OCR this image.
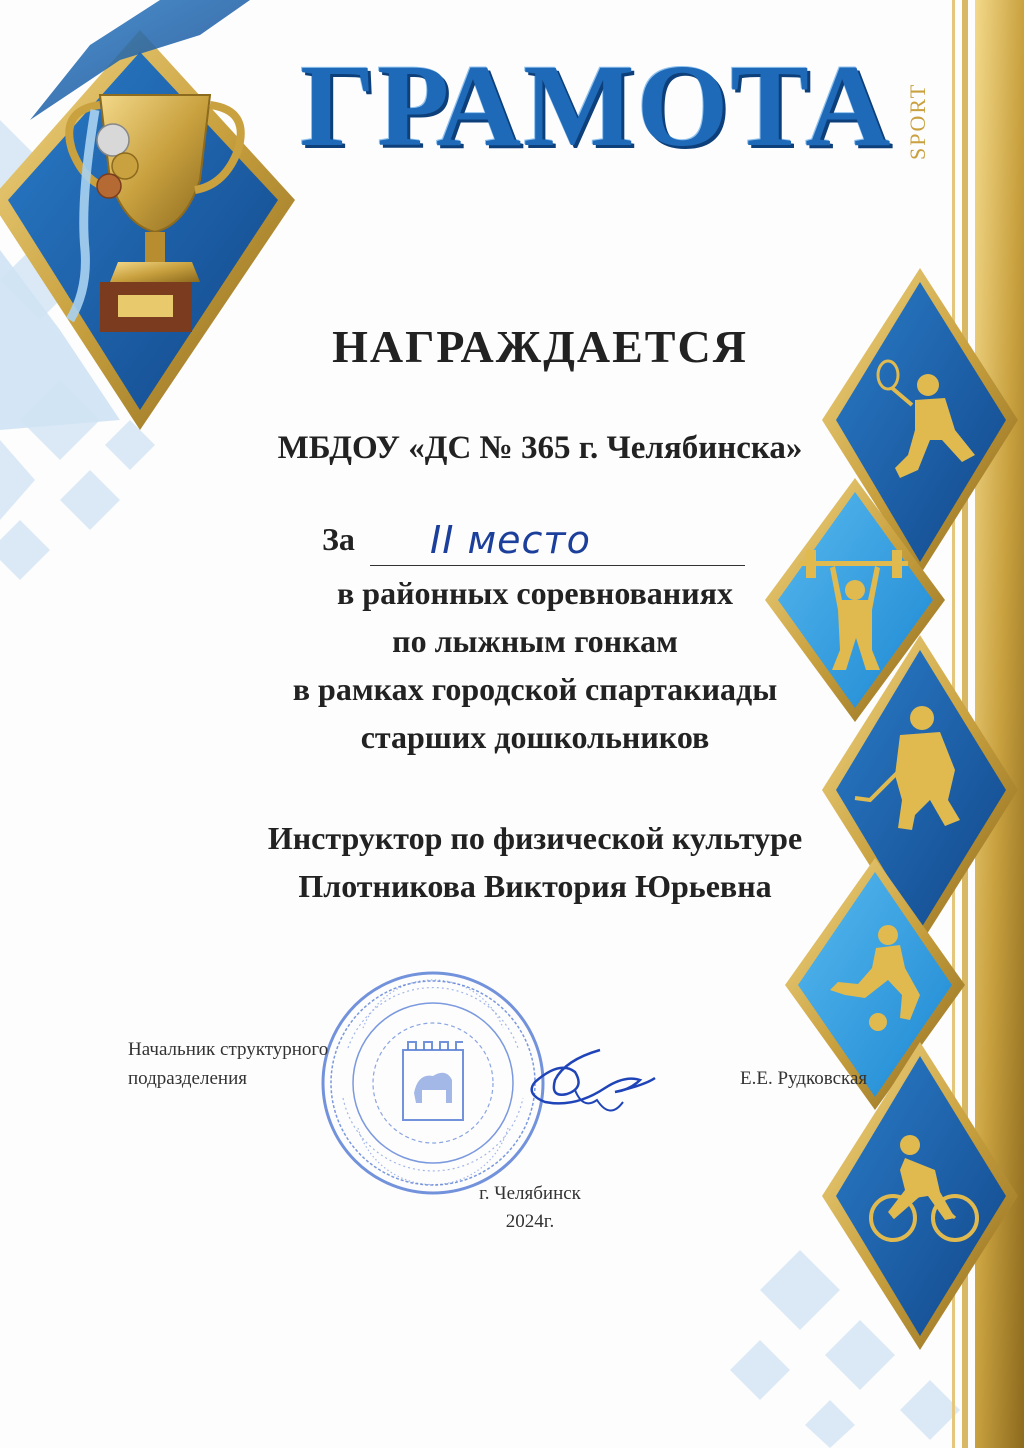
ГРАМОТА SPORT
НАГРАЖДАЕТСЯ
МБДОУ «ДС № 365 г. Челябинска»
За II место
в районных соревнованиях
по лыжным гонкам
в рамках городской спартакиады
старших дошкольников
Инструктор по физической культуре
Плотникова Виктория Юрьевна
Начальник структурного
подразделения	Е.Е. Рудковская
г. Челябинск
2024г.
